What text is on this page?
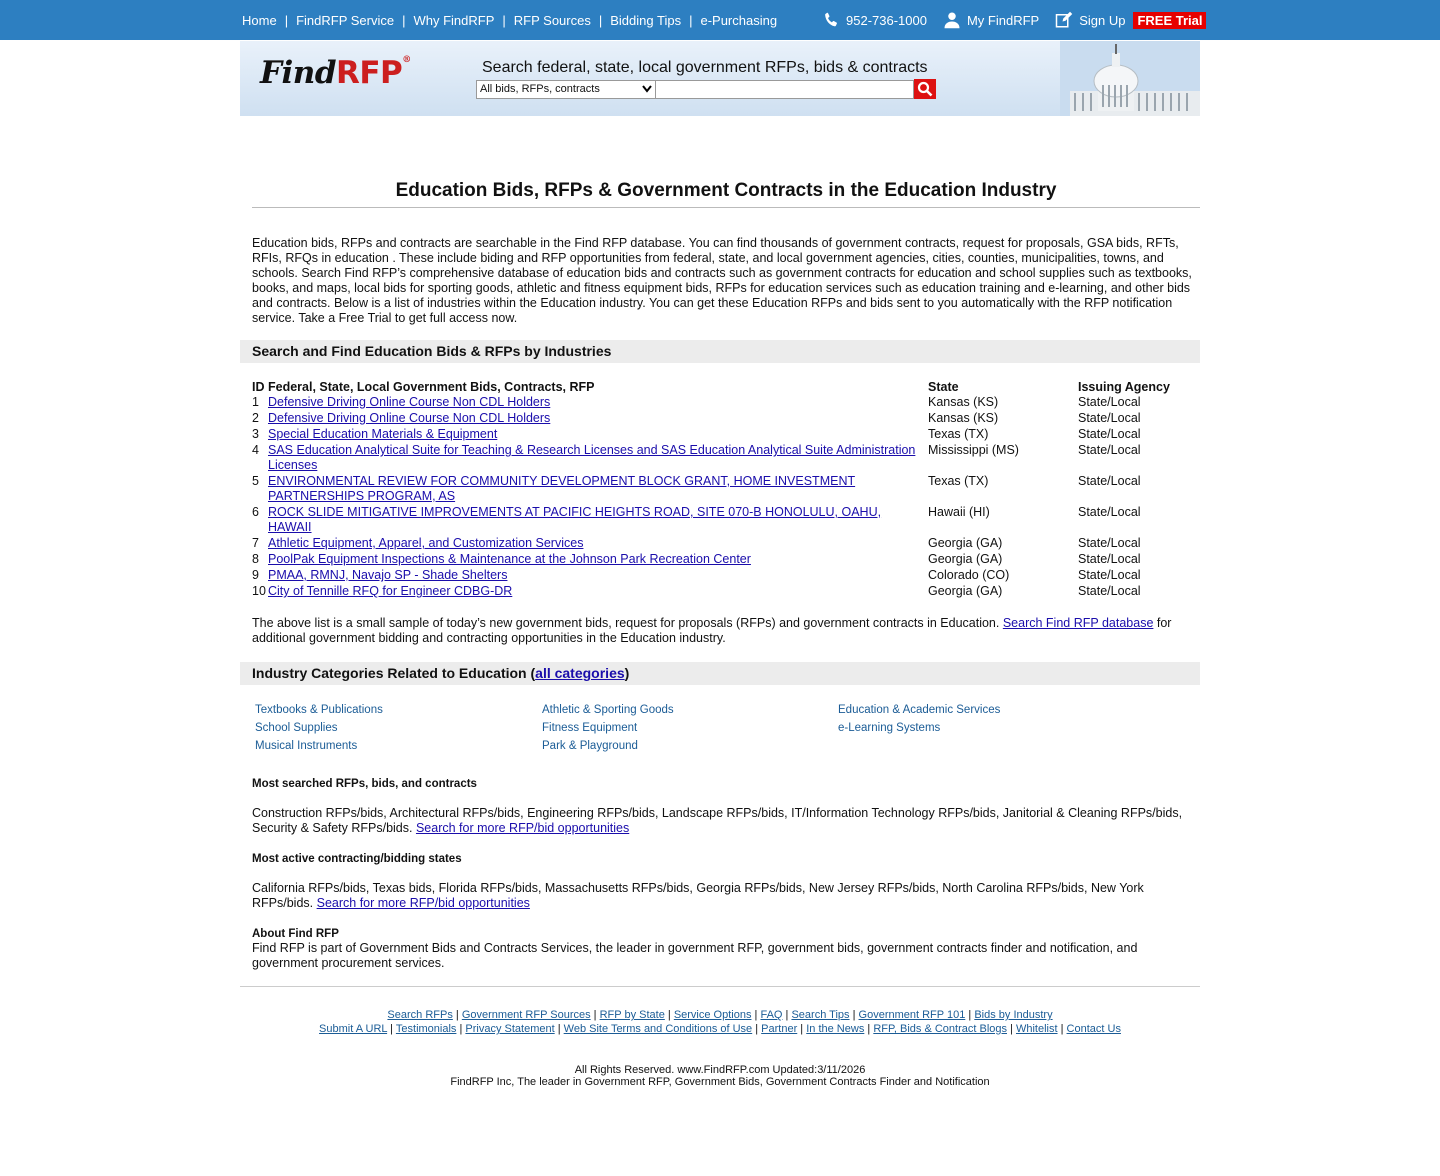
Home | FindRFP Service | Why FindRFP | RFP Sources | Bidding Tips | e-Purchasing	952-736-1000	My FindRFP	Sign Up FREE Trial
FindRFP®	Search federal, state, local government RFPs, bids & contracts
All bids, RFPs, contracts
Education Bids, RFPs & Government Contracts in the Education Industry
Education bids, RFPs and contracts are searchable in the Find RFP database. You can find thousands of government contracts, request for proposals, GSA bids, RFTs, RFIs, RFQs in education . These include biding and RFP opportunities from federal, state, and local government agencies, cities, counties, municipalities, towns, and schools. Search Find RFP’s comprehensive database of education bids and contracts such as government contracts for education and school supplies such as textbooks, books, and maps, local bids for sporting goods, athletic and fitness equipment bids, RFPs for education services such as education training and e-learning, and other bids and contracts. Below is a list of industries within the Education industry. You can get these Education RFPs and bids sent to you automatically with the RFP notification service. Take a Free Trial to get full access now.
Search and Find Education Bids & RFPs by Industries
ID	Federal, State, Local Government Bids, Contracts, RFP	State	Issuing Agency
1	Defensive Driving Online Course Non CDL Holders	Kansas (KS)	State/Local
2	Defensive Driving Online Course Non CDL Holders	Kansas (KS)	State/Local
3	Special Education Materials & Equipment	Texas (TX)	State/Local
4	SAS Education Analytical Suite for Teaching & Research Licenses and SAS Education Analytical Suite Administration Licenses	Mississippi (MS)	State/Local
5	ENVIRONMENTAL REVIEW FOR COMMUNITY DEVELOPMENT BLOCK GRANT, HOME INVESTMENT PARTNERSHIPS PROGRAM, AS	Texas (TX)	State/Local
6	ROCK SLIDE MITIGATIVE IMPROVEMENTS AT PACIFIC HEIGHTS ROAD, SITE 070-B HONOLULU, OAHU, HAWAII	Hawaii (HI)	State/Local
7	Athletic Equipment, Apparel, and Customization Services	Georgia (GA)	State/Local
8	PoolPak Equipment Inspections & Maintenance at the Johnson Park Recreation Center	Georgia (GA)	State/Local
9	PMAA, RMNJ, Navajo SP - Shade Shelters	Colorado (CO)	State/Local
10	City of Tennille RFQ for Engineer CDBG-DR	Georgia (GA)	State/Local
The above list is a small sample of today’s new government bids, request for proposals (RFPs) and government contracts in Education. Search Find RFP database for additional government bidding and contracting opportunities in the Education industry.
Industry Categories Related to Education (all categories)
Textbooks & Publications
School Supplies
Musical Instruments
Athletic & Sporting Goods
Fitness Equipment
Park & Playground
Education & Academic Services
e-Learning Systems
Most searched RFPs, bids, and contracts
Construction RFPs/bids, Architectural RFPs/bids, Engineering RFPs/bids, Landscape RFPs/bids, IT/Information Technology RFPs/bids, Janitorial & Cleaning RFPs/bids, Security & Safety RFPs/bids. Search for more RFP/bid opportunities
Most active contracting/bidding states
California RFPs/bids, Texas bids, Florida RFPs/bids, Massachusetts RFPs/bids, Georgia RFPs/bids, New Jersey RFPs/bids, North Carolina RFPs/bids, New York RFPs/bids. Search for more RFP/bid opportunities
About Find RFP
Find RFP is part of Government Bids and Contracts Services, the leader in government RFP, government bids, government contracts finder and notification, and government procurement services.
Search RFPs | Government RFP Sources | RFP by State | Service Options | FAQ | Search Tips | Government RFP 101 | Bids by Industry
Submit A URL | Testimonials | Privacy Statement | Web Site Terms and Conditions of Use | Partner | In the News | RFP, Bids & Contract Blogs | Whitelist | Contact Us
All Rights Reserved. www.FindRFP.com Updated:3/11/2026
FindRFP Inc, The leader in Government RFP, Government Bids, Government Contracts Finder and Notification
